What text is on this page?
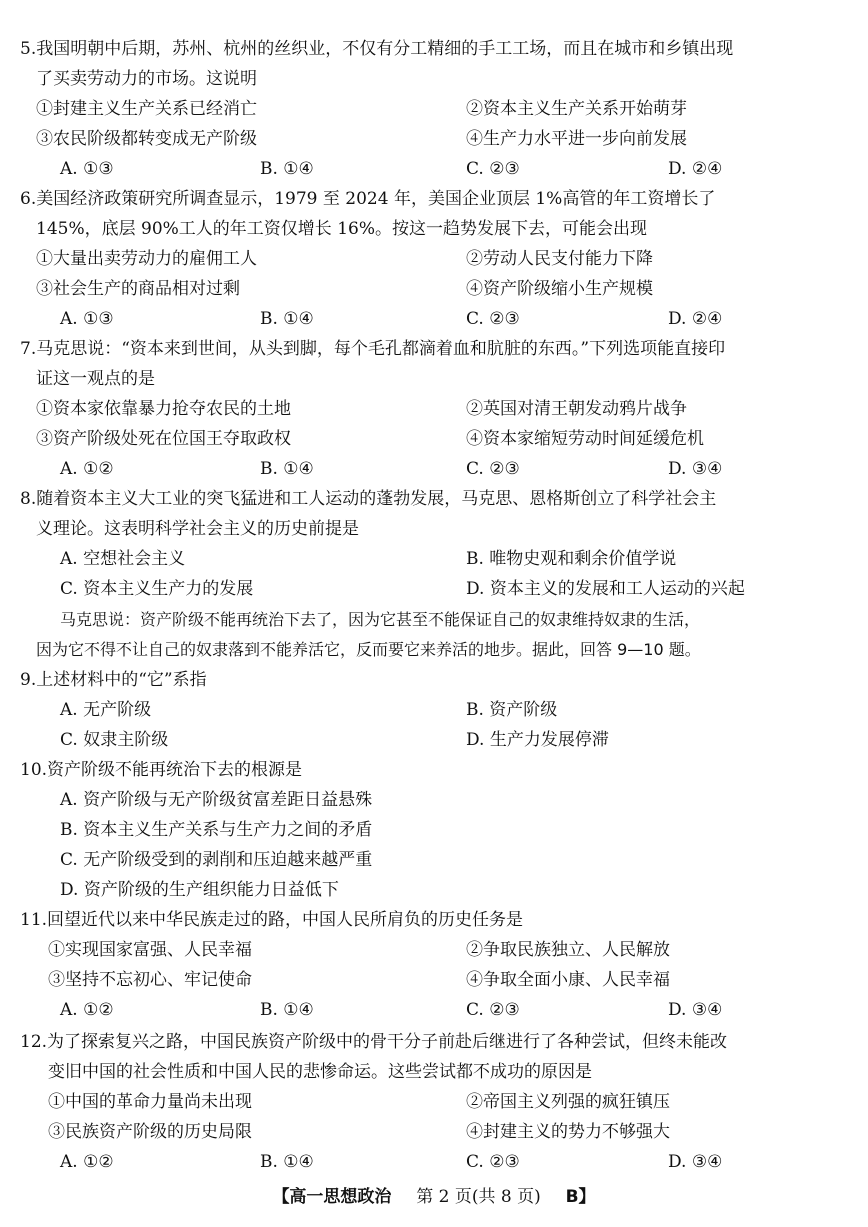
5.我国明朝中后期，苏州、杭州的丝织业，不仅有分工精细的手工工场，而且在城市和乡镇出现
了买卖劳动力的市场。这说明
①封建主义生产关系已经消亡	②资本主义生产关系开始萌芽
③农民阶级都转变成无产阶级	④生产力水平进一步向前发展
A. ①③	B. ①④	C. ②③	D. ②④
6.美国经济政策研究所调查显示，1979 至 2024 年，美国企业顶层 1%高管的年工资增长了
145%，底层 90%工人的年工资仅增长 16%。按这一趋势发展下去，可能会出现
①大量出卖劳动力的雇佣工人	②劳动人民支付能力下降
③社会生产的商品相对过剩	④资产阶级缩小生产规模
A. ①③	B. ①④	C. ②③	D. ②④
7.马克思说：“资本来到世间，从头到脚，每个毛孔都滴着血和肮脏的东西。”下列选项能直接印
证这一观点的是
①资本家依靠暴力抢夺农民的土地	②英国对清王朝发动鸦片战争
③资产阶级处死在位国王夺取政权	④资本家缩短劳动时间延缓危机
A. ①②	B. ①④	C. ②③	D. ③④
8.随着资本主义大工业的突飞猛进和工人运动的蓬勃发展，马克思、恩格斯创立了科学社会主
义理论。这表明科学社会主义的历史前提是
A. 空想社会主义	B. 唯物史观和剩余价值学说
C. 资本主义生产力的发展	D. 资本主义的发展和工人运动的兴起
马克思说：资产阶级不能再统治下去了，因为它甚至不能保证自己的奴隶维持奴隶的生活，
因为它不得不让自己的奴隶落到不能养活它，反而要它来养活的地步。据此，回答 9—10 题。
9.上述材料中的“它”系指
A. 无产阶级	B. 资产阶级
C. 奴隶主阶级	D. 生产力发展停滞
10.资产阶级不能再统治下去的根源是
A. 资产阶级与无产阶级贫富差距日益悬殊
B. 资本主义生产关系与生产力之间的矛盾
C. 无产阶级受到的剥削和压迫越来越严重
D. 资产阶级的生产组织能力日益低下
11.回望近代以来中华民族走过的路，中国人民所肩负的历史任务是
①实现国家富强、人民幸福	②争取民族独立、人民解放
③坚持不忘初心、牢记使命	④争取全面小康、人民幸福
A. ①②	B. ①④	C. ②③	D. ③④
12.为了探索复兴之路，中国民族资产阶级中的骨干分子前赴后继进行了各种尝试，但终未能改
变旧中国的社会性质和中国人民的悲惨命运。这些尝试都不成功的原因是
①中国的革命力量尚未出现	②帝国主义列强的疯狂镇压
③民族资产阶级的历史局限	④封建主义的势力不够强大
A. ①②	B. ①④	C. ②③	D. ③④
【高一思想政治 第 2 页(共 8 页) B】
